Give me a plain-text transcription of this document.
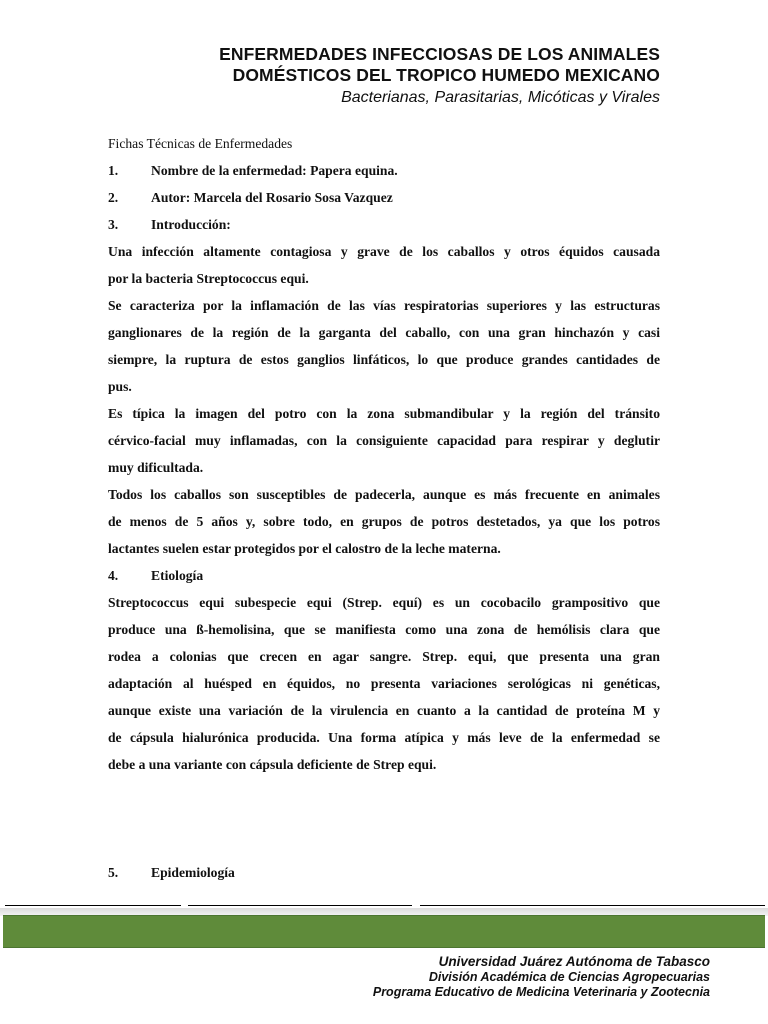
ENFERMEDADES INFECCIOSAS DE LOS ANIMALES
DOMÉSTICOS DEL TROPICO HUMEDO MEXICANO
Bacterianas, Parasitarias, Micóticas y Virales
Fichas Técnicas de Enfermedades
1. Nombre de la enfermedad: Papera equina.
2. Autor: Marcela del Rosario Sosa Vazquez
3. Introducción:
Una infección altamente contagiosa y grave de los caballos y otros équidos causada
por la bacteria Streptococcus equi.
Se caracteriza por la inflamación de las vías respiratorias superiores y las estructuras
ganglionares de la región de la garganta del caballo, con una gran hinchazón y casi
siempre, la ruptura de estos ganglios linfáticos, lo que produce grandes cantidades de
pus.
Es típica la imagen del potro con la zona submandibular y la región del tránsito
cérvico-facial muy inflamadas, con la consiguiente capacidad para respirar y deglutir
muy dificultada.
Todos los caballos son susceptibles de padecerla, aunque es más frecuente en animales
de menos de 5 años y, sobre todo, en grupos de potros destetados, ya que los potros
lactantes suelen estar protegidos por el calostro de la leche materna.
4. Etiología
Streptococcus equi subespecie equi (Strep. equí) es un cocobacilo grampositivo que
produce una ß-hemolisina, que se manifiesta como una zona de hemólisis clara que
rodea a colonias que crecen en agar sangre. Strep. equi, que presenta una gran
adaptación al huésped en équidos, no presenta variaciones serológicas ni genéticas,
aunque existe una variación de la virulencia en cuanto a la cantidad de proteína M y
de cápsula hialurónica producida. Una forma atípica y más leve de la enfermedad se
debe a una variante con cápsula deficiente de Strep equi.
5. Epidemiología
Universidad Juárez Autónoma de Tabasco
División Académica de Ciencias Agropecuarias
Programa Educativo de Medicina Veterinaria y Zootecnia
